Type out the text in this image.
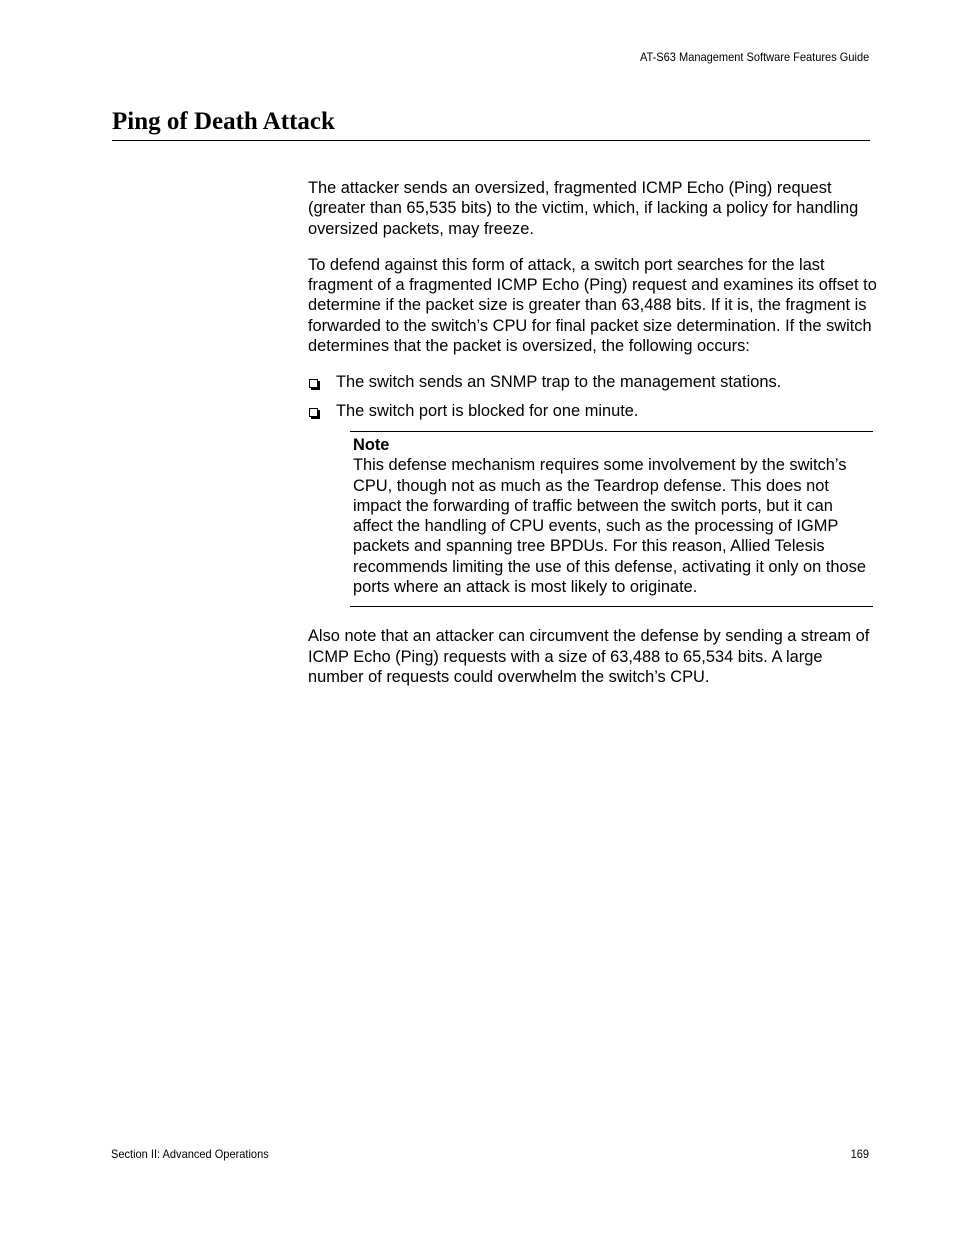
AT-S63 Management Software Features Guide
Ping of Death Attack

The attacker sends an oversized, fragmented ICMP Echo (Ping) request (greater than 65,535 bits) to the victim, which, if lacking a policy for handling oversized packets, may freeze.

To defend against this form of attack, a switch port searches for the last fragment of a fragmented ICMP Echo (Ping) request and examines its offset to determine if the packet size is greater than 63,488 bits. If it is, the fragment is forwarded to the switch’s CPU for final packet size determination. If the switch determines that the packet is oversized, the following occurs:

The switch sends an SNMP trap to the management stations.
The switch port is blocked for one minute.
Note
This defense mechanism requires some involvement by the switch’s CPU, though not as much as the Teardrop defense. This does not impact the forwarding of traffic between the switch ports, but it can affect the handling of CPU events, such as the processing of IGMP packets and spanning tree BPDUs. For this reason, Allied Telesis recommends limiting the use of this defense, activating it only on those ports where an attack is most likely to originate.

Also note that an attacker can circumvent the defense by sending a stream of ICMP Echo (Ping) requests with a size of 63,488 to 65,534 bits. A large number of requests could overwhelm the switch’s CPU.

Section II: Advanced Operations	169
